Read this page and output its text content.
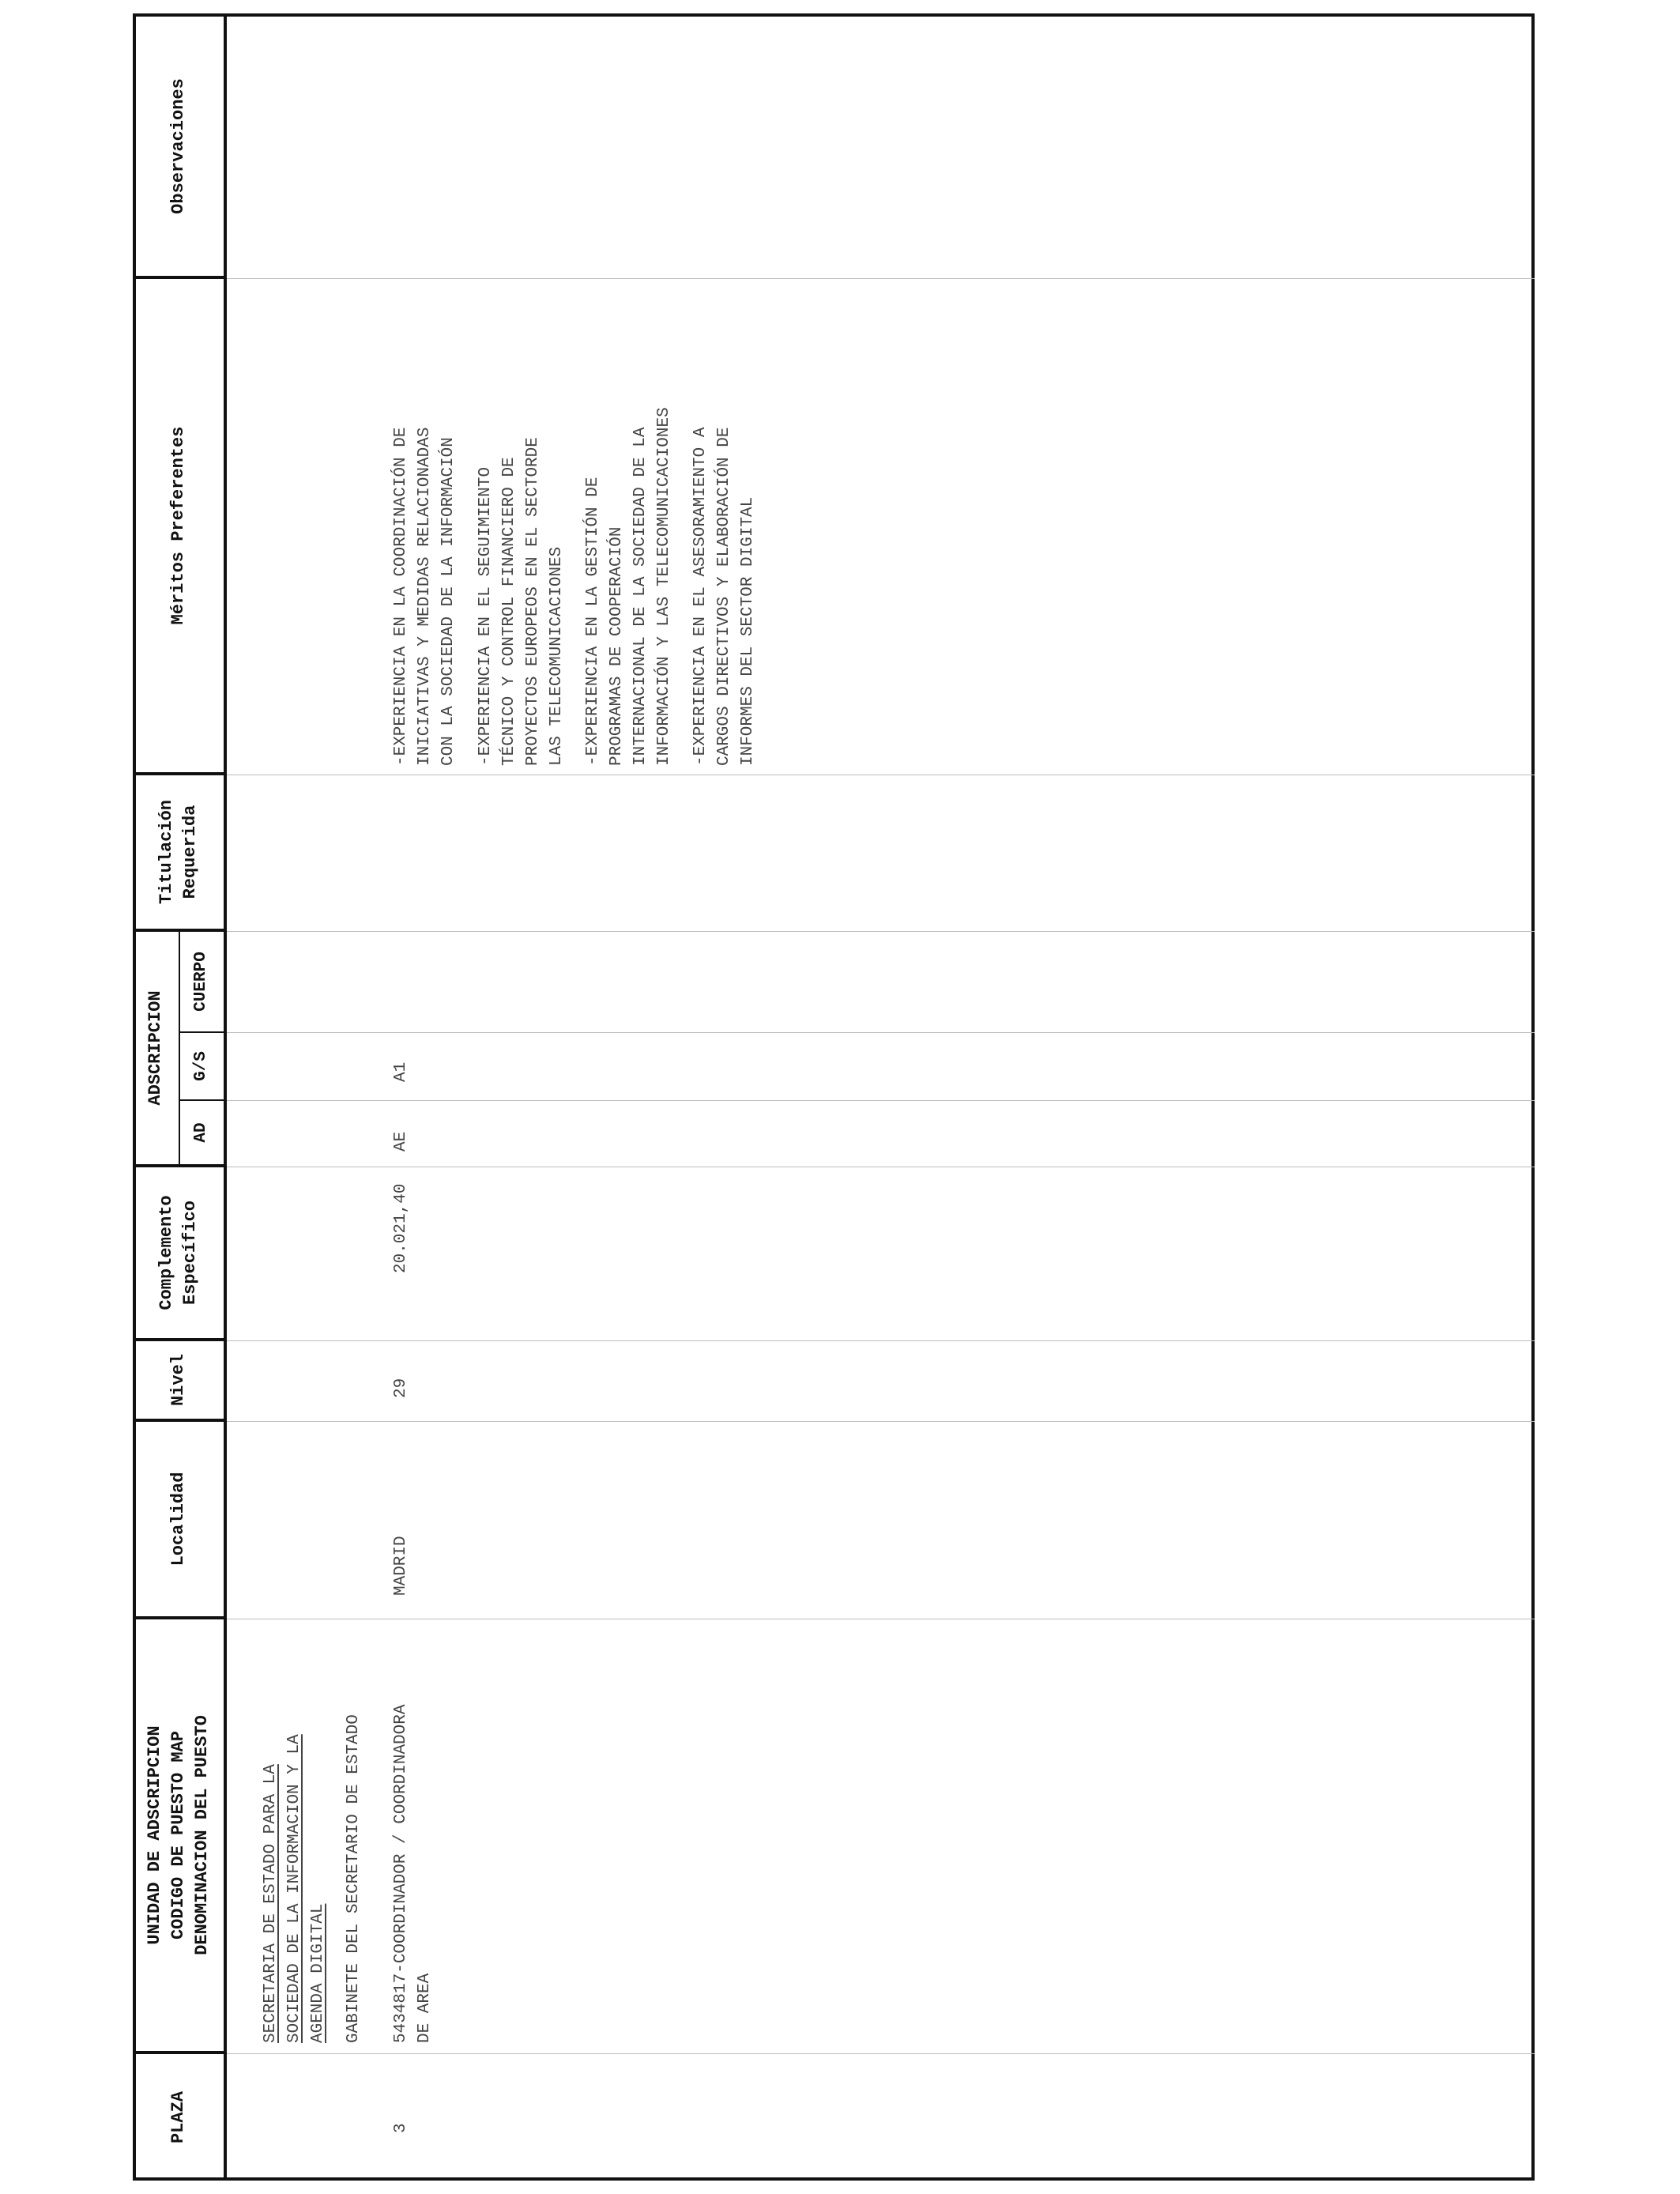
PLAZA
UNIDAD DE ADSCRIPCION CODIGO DE PUESTO MAP DENOMINACION DEL PUESTO
Localidad
Nivel
Complemento Específico
ADSCRIPCION
AD
G/S
CUERPO
Titulación Requerida
Méritos Preferentes
Observaciones
SECRETARIA DE ESTADO PARA LA SOCIEDAD DE LA INFORMACION Y LA AGENDA DIGITAL GABINETE DEL SECRETARIO DE ESTADO
3
5434817-COORDINADOR / COORDINADORA DE AREA
MADRID
29
20.021,40
AE
A1
-EXPERIENCIA EN LA COORDINACIÓN DE INICIATIVAS Y MEDIDAS RELACIONADAS CON LA SOCIEDAD DE LA INFORMACIÓN -EXPERIENCIA EN EL SEGUIMIENTO TÉCNICO Y CONTROL FINANCIERO DE PROYECTOS EUROPEOS EN EL SECTORDE LAS TELECOMUNICACIONES -EXPERIENCIA EN LA GESTIÓN DE PROGRAMAS DE COOPERACIÓN INTERNACIONAL DE LA SOCIEDAD DE LA INFORMACIÓN Y LAS TELECOMUNICACIONES -EXPERIENCIA EN EL ASESORAMIENTO A CARGOS DIRECTIVOS Y ELABORACIÓN DE INFORMES DEL SECTOR DIGITAL
